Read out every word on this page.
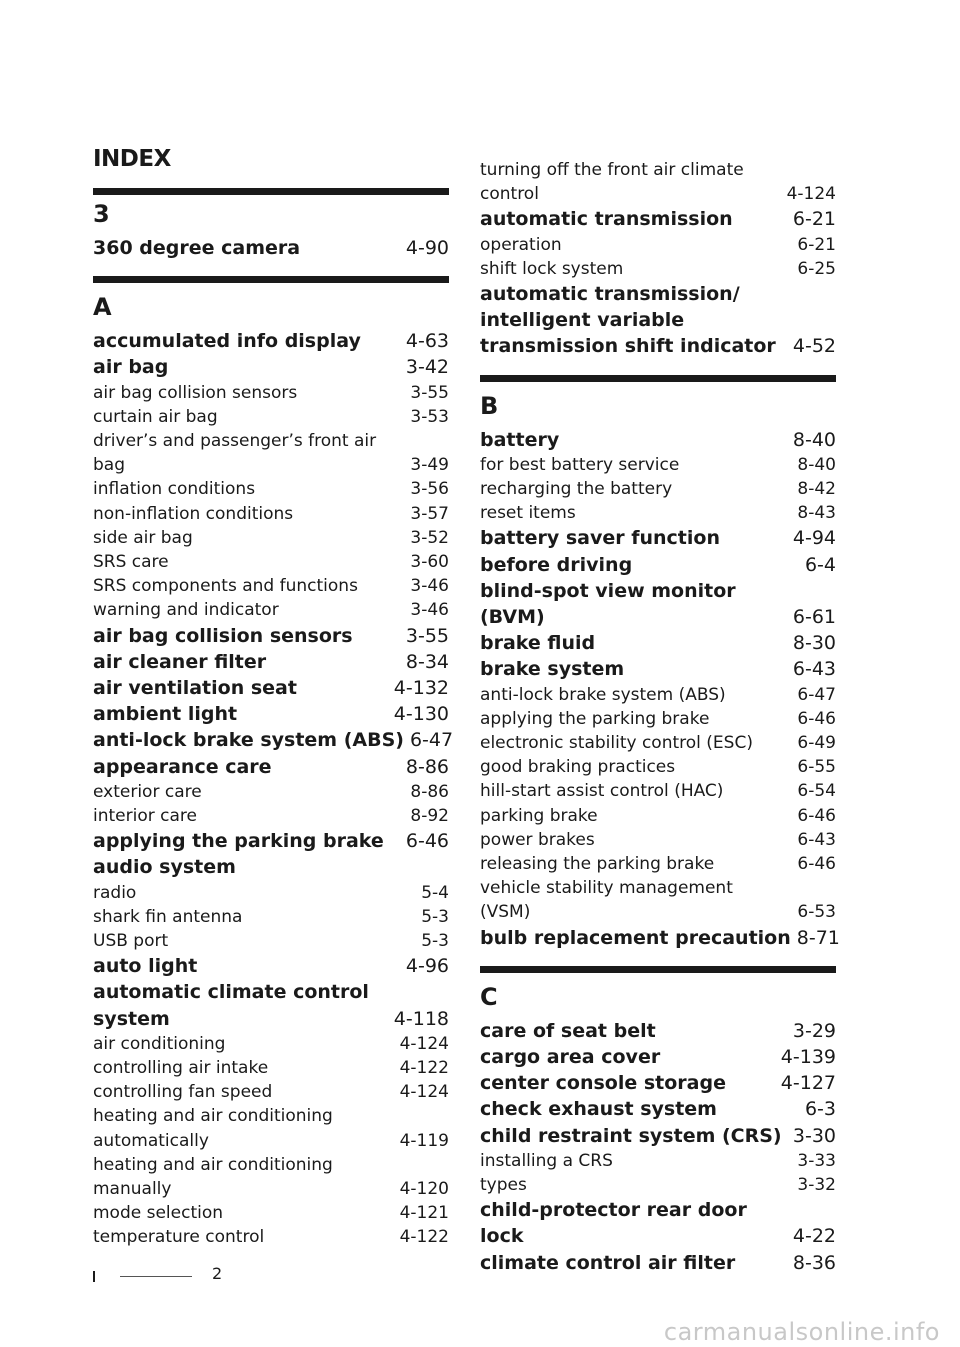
INDEX
3
360 degree camera	4-90
A
accumulated info display	4-63
air bag	3-42
air bag collision sensors	3-55
curtain air bag	3-53
driver’s and passenger’s front air
bag	3-49
inflation conditions	3-56
non-inflation conditions	3-57
side air bag	3-52
SRS care	3-60
SRS components and functions	3-46
warning and indicator	3-46
air bag collision sensors	3-55
air cleaner filter	8-34
air ventilation seat	4-132
ambient light	4-130
anti-lock brake system (ABS) 6-47
appearance care	8-86
exterior care	8-86
interior care	8-92
applying the parking brake	6-46
audio system
radio	5-4
shark fin antenna	5-3
USB port	5-3
auto light	4-96
automatic climate control
system	4-118
air conditioning	4-124
controlling air intake	4-122
controlling fan speed	4-124
heating and air conditioning
automatically	4-119
heating and air conditioning
manually	4-120
mode selection	4-121
temperature control	4-122
turning off the front air climate
control	4-124
automatic transmission	6-21
operation	6-21
shift lock system	6-25
automatic transmission/
intelligent variable
transmission shift indicator 4-52
B
battery	8-40
for best battery service	8-40
recharging the battery	8-42
reset items	8-43
battery saver function	4-94
before driving	6-4
blind-spot view monitor
(BVM)	6-61
brake fluid	8-30
brake system	6-43
anti-lock brake system (ABS)	6-47
applying the parking brake	6-46
electronic stability control (ESC)	6-49
good braking practices	6-55
hill-start assist control (HAC)	6-54
parking brake	6-46
power brakes	6-43
releasing the parking brake	6-46
vehicle stability management
(VSM)	6-53
bulb replacement precaution 8-71
C
care of seat belt	3-29
cargo area cover	4-139
center console storage	4-127
check exhaust system	6-3
child restraint system (CRS) 3-30
installing a CRS	3-33
types	3-32
child-protector rear door
lock	4-22
climate control air filter	8-36
2
carmanualsonline.info
